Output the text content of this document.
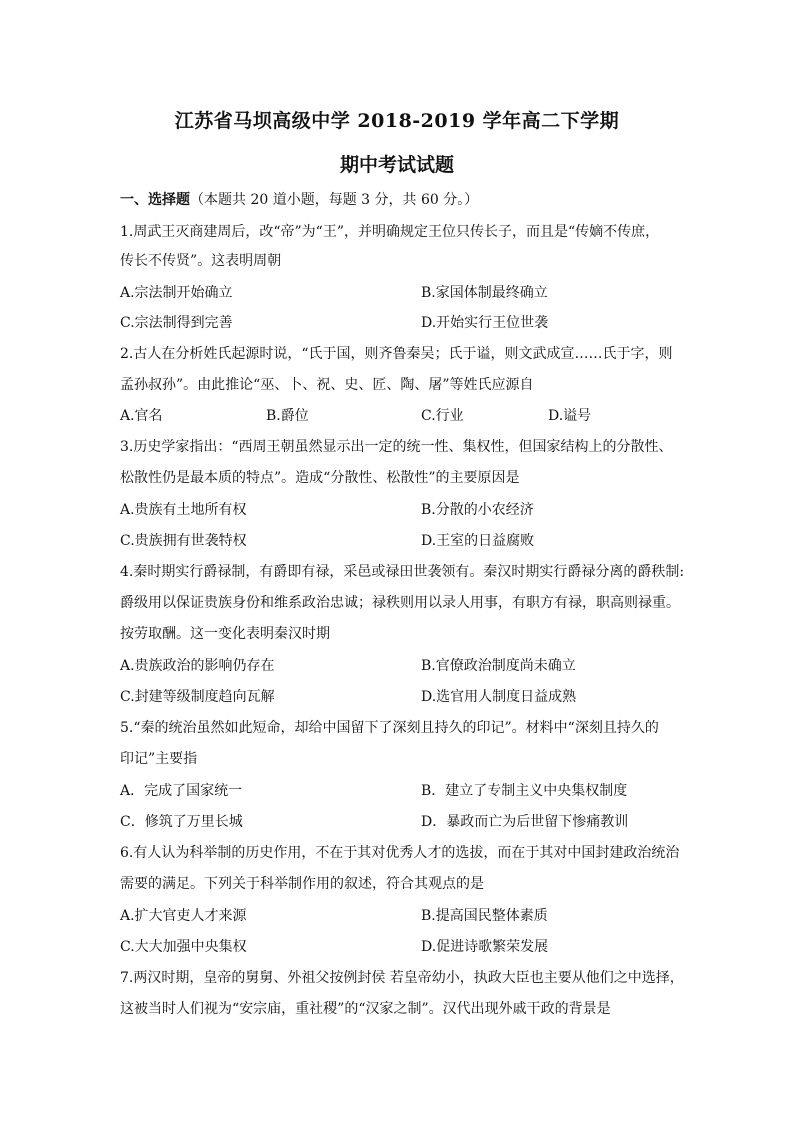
江苏省马坝高级中学 2018-2019 学年高二下学期
期中考试试题
一、选择题（本题共 20 道小题，每题 3 分，共 60 分。）
1.周武王灭商建周后，改“帝”为“王”，并明确规定王位只传长子，而且是“传嫡不传庶，
传长不传贤”。这表明周朝
A.宗法制开始确立	B.家国体制最终确立
C.宗法制得到完善	D.开始实行王位世袭
2.古人在分析姓氏起源时说，“氏于国，则齐鲁秦吴；氏于谥，则文武成宣……氏于字，则
孟孙叔孙”。由此推论“巫、卜、祝、史、匠、陶、屠”等姓氏应源自
A.官名	B.爵位	C.行业	D.谥号
3.历史学家指出：“西周王朝虽然显示出一定的统一性、集权性，但国家结构上的分散性、
松散性仍是最本质的特点”。造成“分散性、松散性”的主要原因是
A.贵族有土地所有权	B.分散的小农经济
C.贵族拥有世袭特权	D.王室的日益腐败
4.秦时期实行爵禄制，有爵即有禄，采邑或禄田世袭领有。秦汉时期实行爵禄分离的爵秩制:
爵级用以保证贵族身份和维系政治忠诚；禄秩则用以录人用事，有职方有禄，职高则禄重。
按劳取酬。这一变化表明秦汉时期
A.贵族政治的影响仍存在	B.官僚政治制度尚未确立
C.封建等级制度趋向瓦解	D.选官用人制度日益成熟
5.“秦的统治虽然如此短命，却给中国留下了深刻且持久的印记”。材料中“深刻且持久的
印记”主要指
A．完成了国家统一	B．建立了专制主义中央集权制度
C．修筑了万里长城	D．暴政而亡为后世留下惨痛教训
6.有人认为科举制的历史作用，不在于其对优秀人才的选拔，而在于其对中国封建政治统治
需要的满足。下列关于科举制作用的叙述，符合其观点的是
A.扩大官吏人才来源	B.提高国民整体素质
C.大大加强中央集权	D.促进诗歌繁荣发展
7.两汉时期，皇帝的舅舅、外祖父按例封侯 若皇帝幼小，执政大臣也主要从他们之中选择，
这被当时人们视为“安宗庙，重社稷”的“汉家之制”。汉代出现外戚干政的背景是
